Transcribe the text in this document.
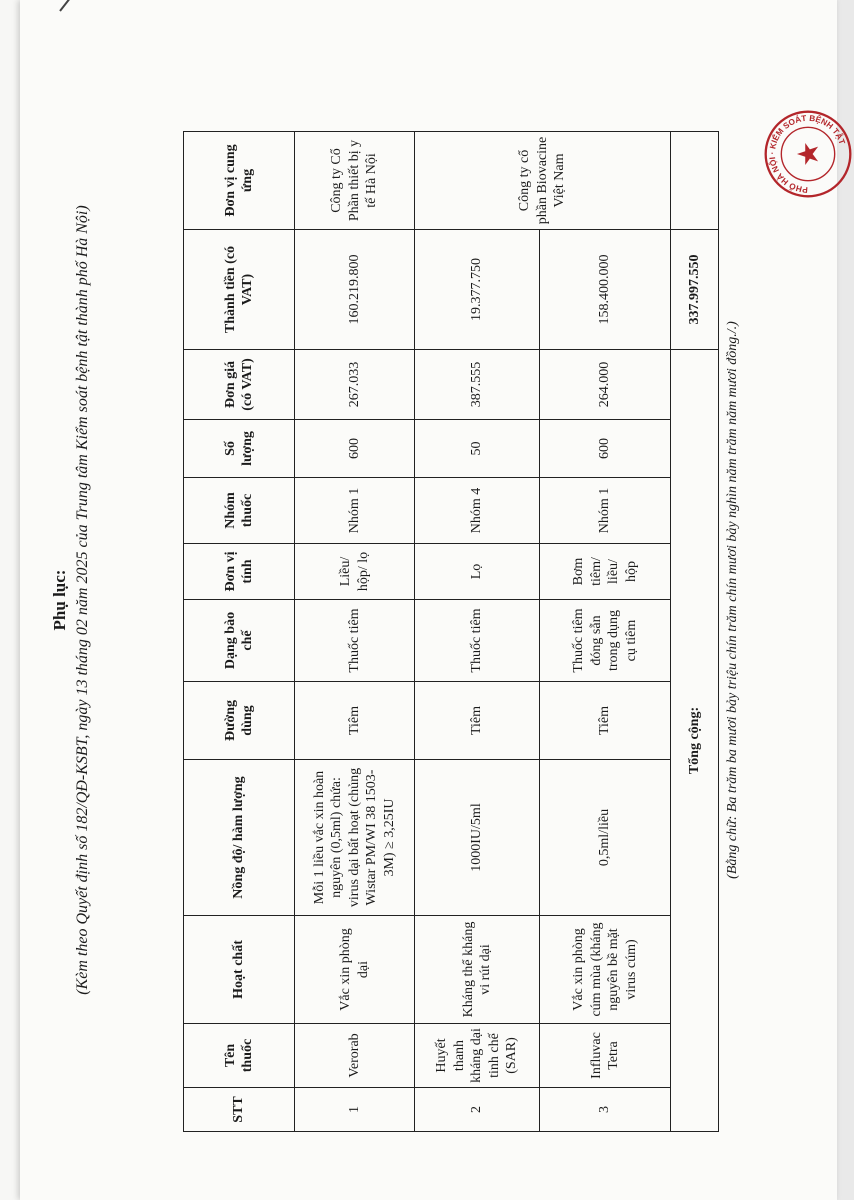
Phụ lục: (Kèm theo Quyết định số 182/QĐ-KSBT, ngày 13 tháng 02 năm 2025 của Trung tâm Kiểm soát bệnh tật thành phố Hà Nội)
STT	Tên thuốc	Hoạt chất	Nồng độ/ hàm lượng	Đường dùng	Dạng bào chế	Đơn vị tính	Nhóm thuốc	Số lượng	Đơn giá (có VAT)	Thành tiền (có VAT)	Đơn vị cung ứng
1	Verorab	Vắc xin phòng dại	Mỗi 1 liều vắc xin hoàn nguyên (0,5ml) chứa: virus dại bất hoạt (chủng Wistar PM/WI 38 1503-3M) ≥ 3,25IU	Tiêm	Thuốc tiêm	Liều/ hộp/ lọ	Nhóm 1	600	267.033	160.219.800	Công ty Cổ Phần thiết bị y tế Hà Nội
2	Huyết thanh kháng dại tinh chế (SAR)	Kháng thể kháng vi rút dại	1000IU/5ml	Tiêm	Thuốc tiêm	Lọ	Nhóm 4	50	387.555	19.377.750	Công ty cổ phần Biovacine Việt Nam
3	Influvac Tetra	Vắc xin phòng cúm mùa (kháng nguyên bề mặt virus cúm)	0,5ml/liều	Tiêm	Thuốc tiêm đóng sẵn trong dụng cụ tiêm	Bơm tiêm/ liều/ hộp	Nhóm 1	600	264.000	158.400.000	
Tổng cộng:										337.997.550	
(Bằng chữ: Ba trăm ba mươi bảy triệu chín trăm chín mươi bảy nghìn năm trăm năm mươi đồng./.)
PHỐ HÀ NỘI · KIỂM SOÁT BỆNH TẬT
